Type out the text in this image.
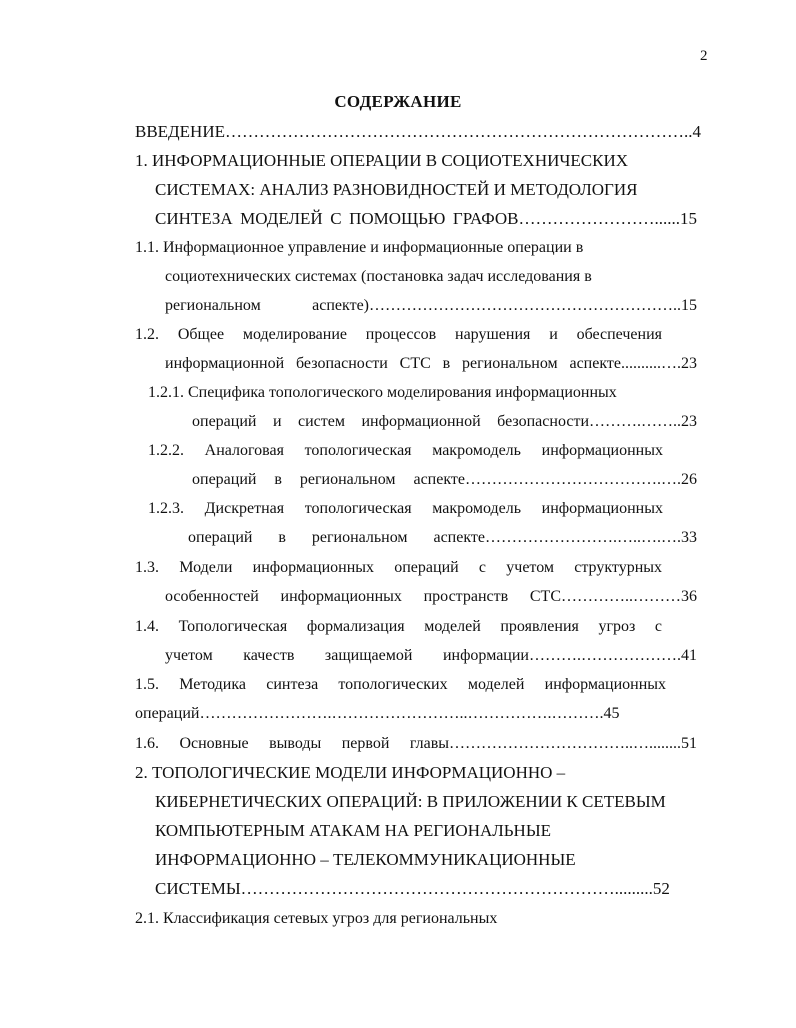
2
СОДЕРЖАНИЕ
ВВЕДЕНИЕ………………………………………………………………………..4
1. ИНФОРМАЦИОННЫЕ ОПЕРАЦИИ В СОЦИОТЕХНИЧЕСКИХ
СИСТЕМАХ: АНАЛИЗ РАЗНОВИДНОСТЕЙ И МЕТОДОЛОГИЯ
СИНТЕЗА МОДЕЛЕЙ С ПОМОЩЬЮ ГРАФОВ……………………......15
1.1. Информационное управление и информационные операции в
социотехнических системах (постановка задач исследования в
региональном аспекте)…………………………………………………..15
1.2. Общее моделирование процессов нарушения и обеспечения
информационной безопасности СТС в региональном аспекте..........….23
1.2.1. Специфика топологического моделирования информационных
операций и систем информационной безопасности……….……..23
1.2.2. Аналоговая топологическая макромодель информационных
операций в региональном аспекте……………………………….….26
1.2.3. Дискретная топологическая макромодель информационных
операций в региональном аспекте…………………….…..….….33
1.3. Модели информационных операций с учетом структурных
особенностей информационных пространств СТС…………..………36
1.4. Топологическая формализация моделей проявления угроз с
учетом качеств защищаемой информации……….……………….41
1.5. Методика синтеза топологических моделей информационных
операций…………………….……………………..…………….……….45
1.6. Основные выводы первой главы……………………………..…........51
2. ТОПОЛОГИЧЕСКИЕ МОДЕЛИ ИНФОРМАЦИОННО –
КИБЕРНЕТИЧЕСКИХ ОПЕРАЦИЙ: В ПРИЛОЖЕНИИ К СЕТЕВЫМ
КОМПЬЮТЕРНЫМ АТАКАМ НА РЕГИОНАЛЬНЫЕ
ИНФОРМАЦИОННО – ТЕЛЕКОММУНИКАЦИОННЫЕ
СИСТЕМЫ………………………………………………………….........52
2.1. Классификация сетевых угроз для региональных
